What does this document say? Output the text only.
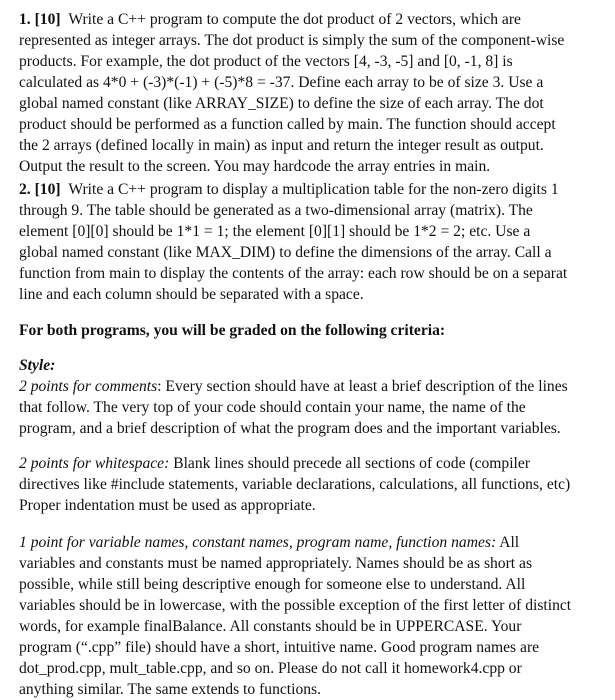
1. [10] Write a C++ program to compute the dot product of 2 vectors, which are
represented as integer arrays. The dot product is simply the sum of the component-wise
products. For example, the dot product of the vectors [4, -3, -5] and [0, -1, 8] is
calculated as 4*0 + (-3)*(-1) + (-5)*8 = -37. Define each array to be of size 3. Use a
global named constant (like ARRAY_SIZE) to define the size of each array. The dot
product should be performed as a function called by main. The function should accept
the 2 arrays (defined locally in main) as input and return the integer result as output.
Output the result to the screen. You may hardcode the array entries in main.
2. [10] Write a C++ program to display a multiplication table for the non-zero digits 1
through 9. The table should be generated as a two-dimensional array (matrix). The
element [0][0] should be 1*1 = 1; the element [0][1] should be 1*2 = 2; etc. Use a
global named constant (like MAX_DIM) to define the dimensions of the array. Call a
function from main to display the contents of the array: each row should be on a separat
line and each column should be separated with a space.
For both programs, you will be graded on the following criteria:
Style:
2 points for comments: Every section should have at least a brief description of the lines
that follow. The very top of your code should contain your name, the name of the
program, and a brief description of what the program does and the important variables.
2 points for whitespace: Blank lines should precede all sections of code (compiler
directives like #include statements, variable declarations, calculations, all functions, etc)
Proper indentation must be used as appropriate.
1 point for variable names, constant names, program name, function names: All
variables and constants must be named appropriately. Names should be as short as
possible, while still being descriptive enough for someone else to understand. All
variables should be in lowercase, with the possible exception of the first letter of distinct
words, for example finalBalance. All constants should be in UPPERCASE. Your
program (“.cpp” file) should have a short, intuitive name. Good program names are
dot_prod.cpp, mult_table.cpp, and so on. Please do not call it homework4.cpp or
anything similar. The same extends to functions.
